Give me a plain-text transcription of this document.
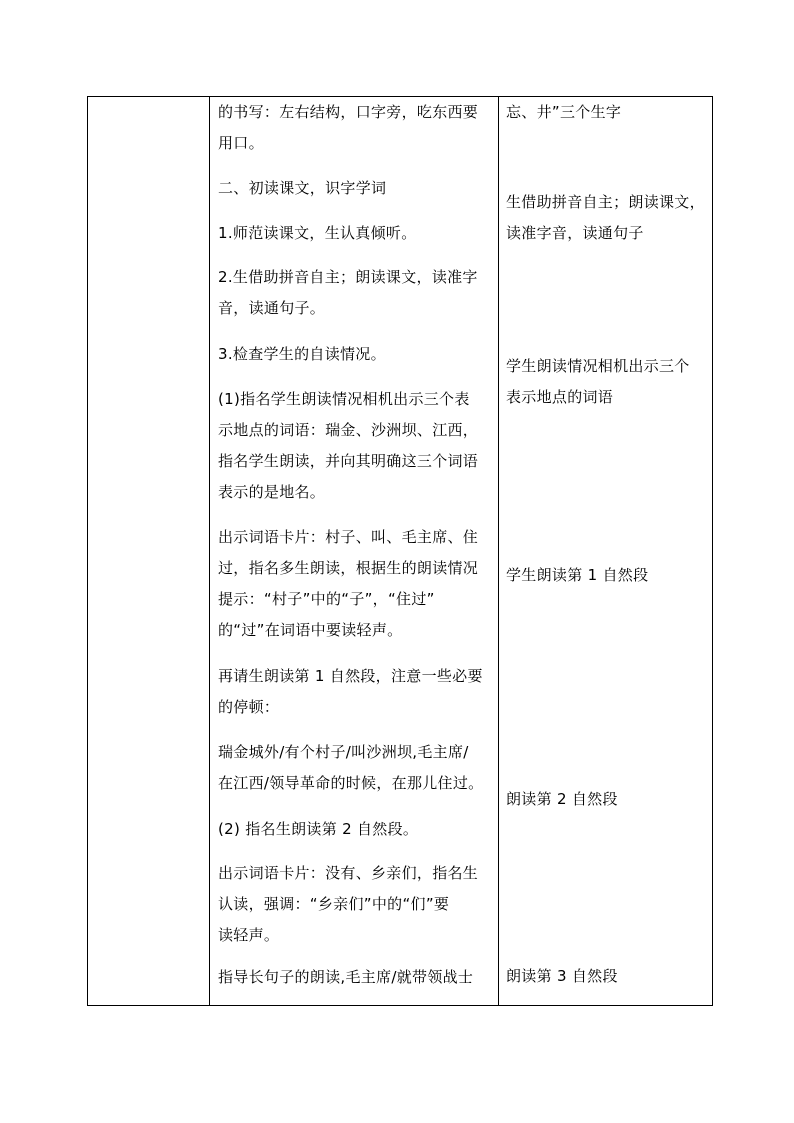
的书写：左右结构，口字旁，吃东西要
用口。

二、初读课文，识字学词

1.师范读课文，生认真倾听。

2.生借助拼音自主；朗读课文，读准字
音，读通句子。

3.检查学生的自读情况。

(1)指名学生朗读情况相机出示三个表
示地点的词语：瑞金、沙洲坝、江西，
指名学生朗读，并向其明确这三个词语
表示的是地名。

出示词语卡片：村子、叫、毛主席、住
过，指名多生朗读，根据生的朗读情况
提示：“村子”中的“子”，“住过”
的“过”在词语中要读轻声。

再请生朗读第 1 自然段，注意一些必要
的停顿：

瑞金城外/有个村子/叫沙洲坝,毛主席/
在江西/领导革命的时候，在那儿住过。

(2) 指名生朗读第 2 自然段。

出示词语卡片：没有、乡亲们，指名生
认读，强调：“乡亲们”中的“们”要
读轻声。

指导长句子的朗读,毛主席/就带领战士

忘、井”三个生字

生借助拼音自主；朗读课文，
读准字音，读通句子

学生朗读情况相机出示三个
表示地点的词语

学生朗读第 1 自然段

朗读第 2 自然段

朗读第 3 自然段
